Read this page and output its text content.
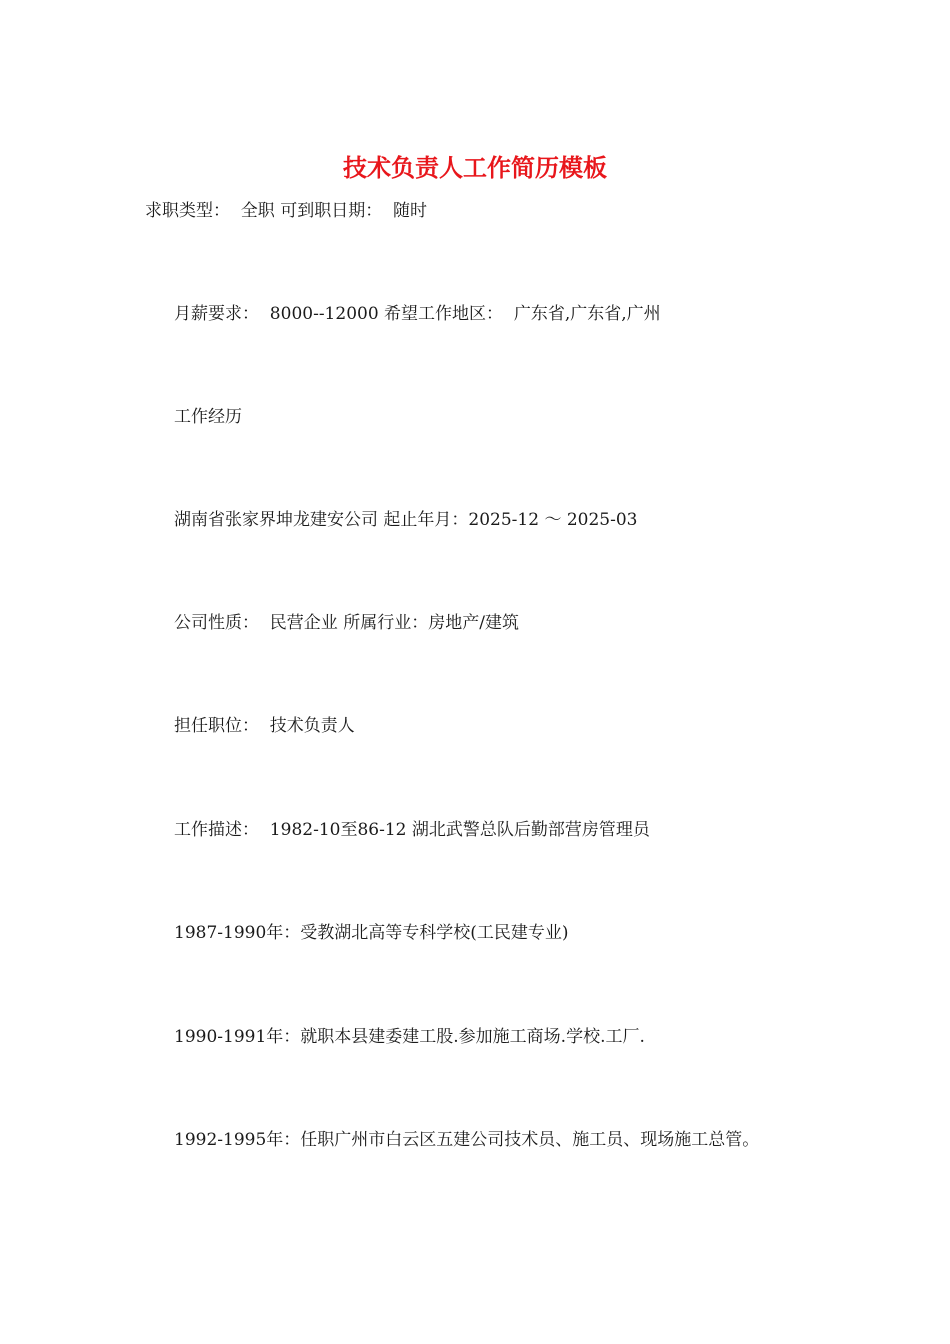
技术负责人工作简历模板

求职类型：  全职 可到职日期：  随时

月薪要求：  8000--12000 希望工作地区：  广东省,广东省,广州

工作经历

湖南省张家界坤龙建安公司 起止年月：2025-12 ～ 2025-03

公司性质：  民营企业 所属行业：房地产/建筑

担任职位：  技术负责人

工作描述：  1982-10至86-12 湖北武警总队后勤部营房管理员

1987-1990年：受教湖北高等专科学校(工民建专业)

1990-1991年：就职本县建委建工股.参加施工商场.学校.工厂.

1992-1995年：任职广州市白云区五建公司技术员、施工员、现场施工总管。
